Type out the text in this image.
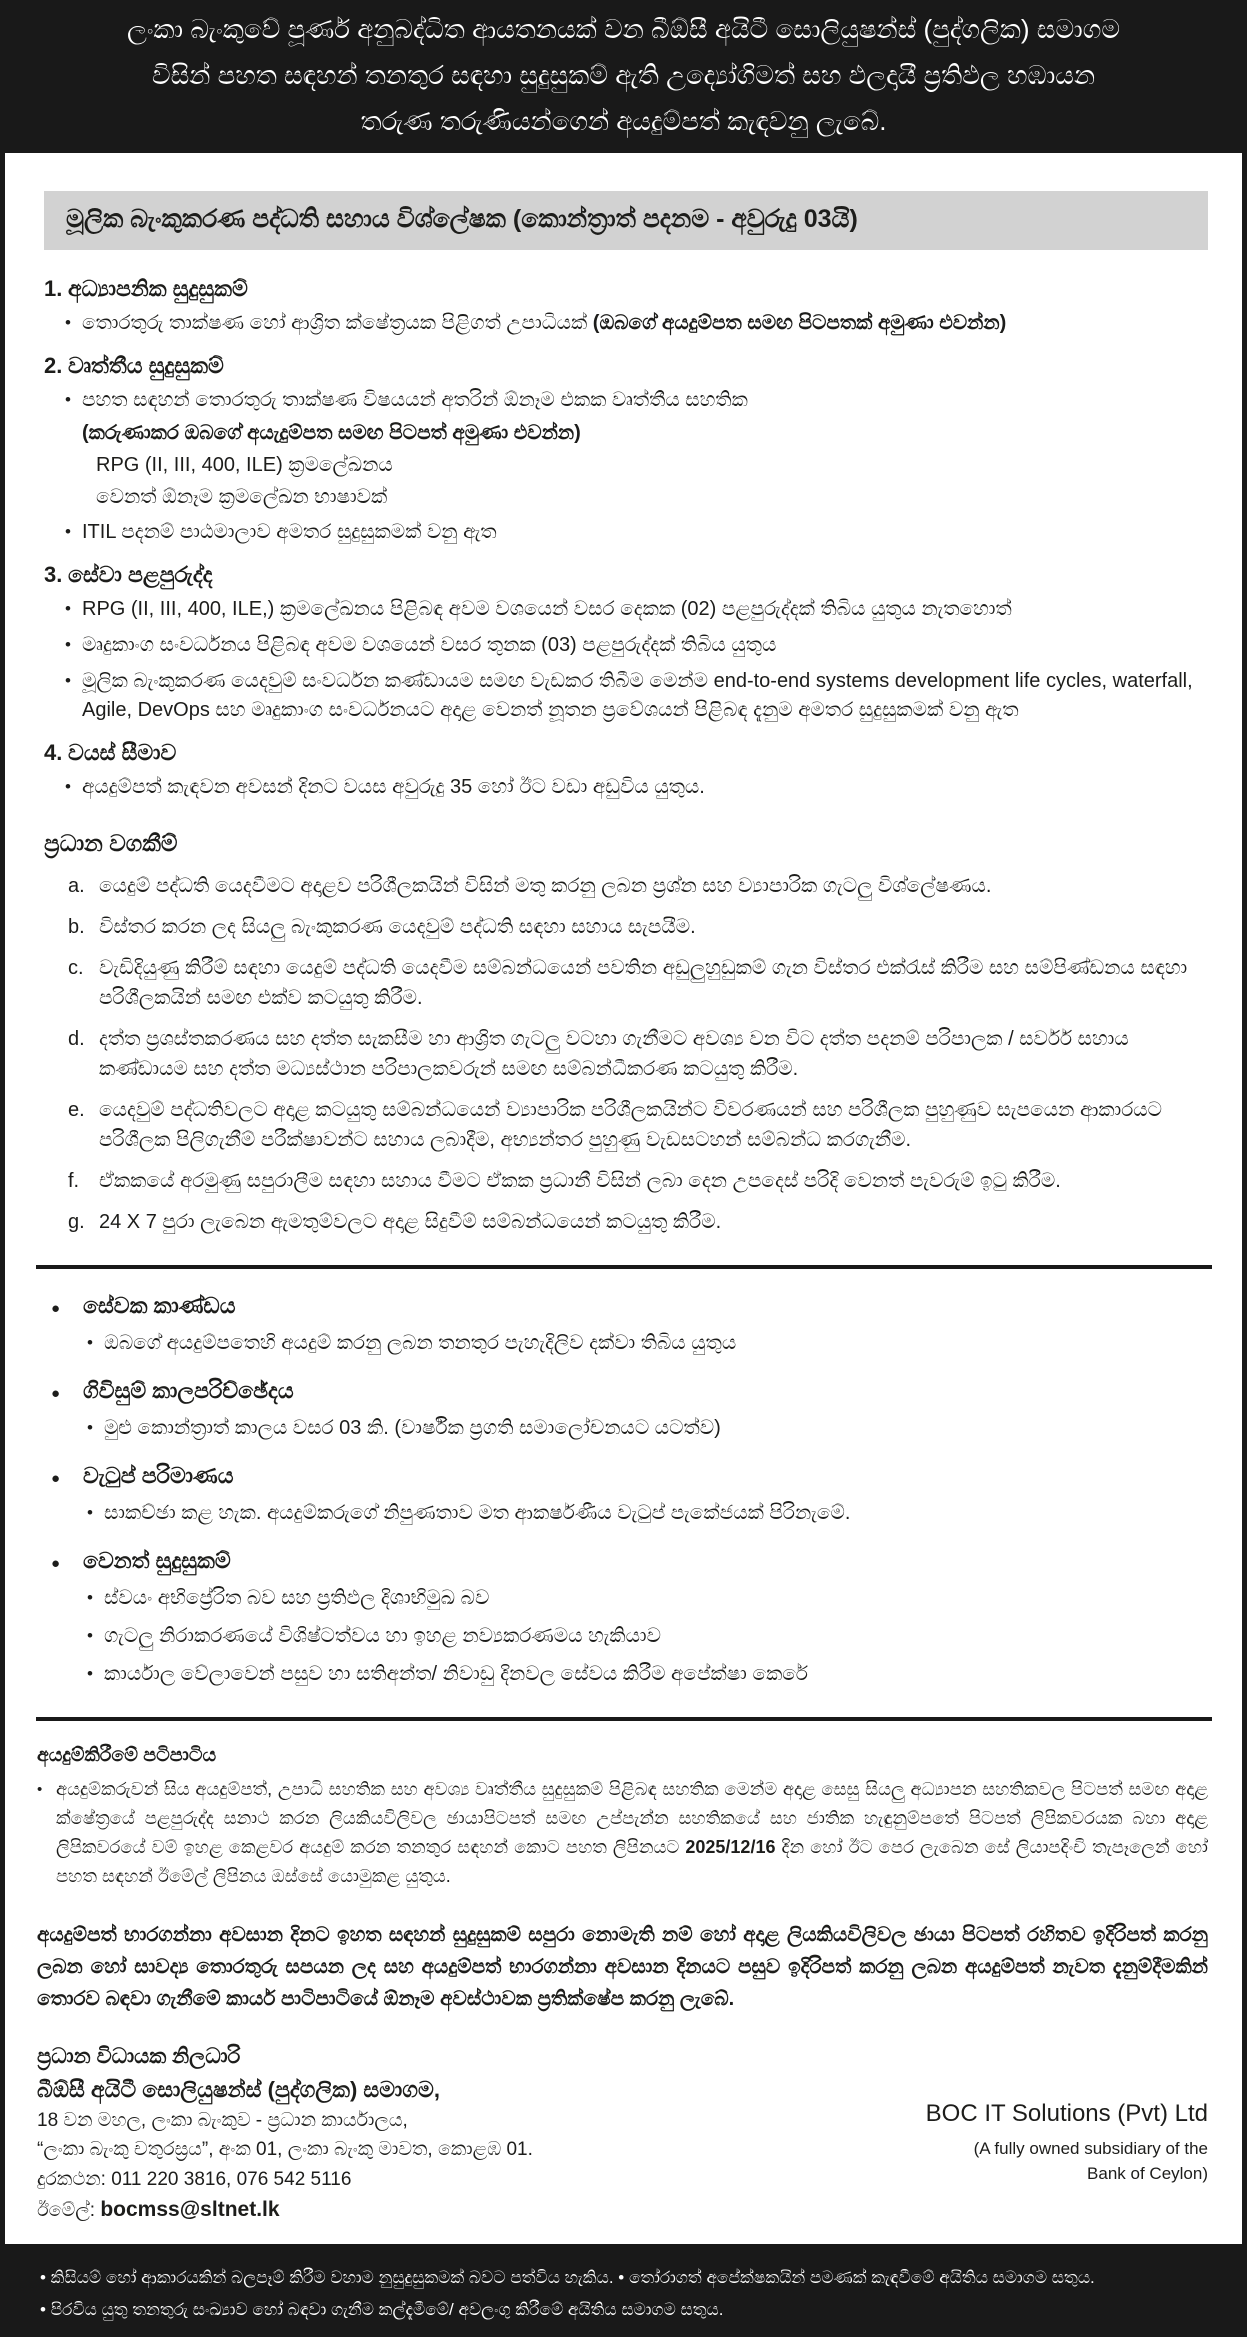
ලංකා බැංකුවේ පූර්ණ අනුබද්ධිත ආයතනයක් වන බීඕසී අයිටී සොලියුෂන්ස් (පුද්ගලික) සමාගම
විසින් පහත සඳහන් තනතුර සඳහා සුදුසුකම් ඇති උද්‍යෝගිමත් සහ ඵලදායී ප්‍රතිඵල හඹායන
තරුණ තරුණියන්ගෙන් අයදුම්පත් කැඳවනු ලැබේ.
මූලික බැංකුකරණ පද්ධති සහාය විශ්ලේෂක (කොන්ත්‍රාත් පදනම - අවුරුදු 03යි)
1. අධ්‍යාපනික සුදුසුකම්
• තොරතුරු තාක්ෂණ හෝ ආශ්‍රිත ක්ෂේත්‍රයක පිළිගත් උපාධියක් (ඔබගේ අයදුම්පත සමඟ පිටපතක් අමුණා එවන්න)
2. වෘත්තීය සුදුසුකම්
• පහත සඳහන් තොරතුරු තාක්ෂණ විෂයයන් අතරින් ඕනෑම එකක වෘත්තීය සහතික
(කරුණාකර ඔබගේ අයැදුම්පත සමඟ පිටපත් අමුණා එවන්න)
RPG (II, III, 400, ILE) ක්‍රමලේඛනය
වෙනත් ඕනෑම ක්‍රමලේඛන භාෂාවක්
• ITIL පදනම් පාඨමාලාව අමතර සුදුසුකමක් වනු ඇත
3. සේවා පළපුරුද්ද
• RPG (II, III, 400, ILE,) ක්‍රමලේඛනය පිළිබඳ අවම වශයෙන් වසර දෙකක (02) පළපුරුද්දක් තිබිය යුතුය නැතහොත්
• මෘදුකාංග සංවර්ධනය පිළිබඳ අවම වශයෙන් වසර තුනක (03) පළපුරුද්දක් තිබිය යුතුය
• මූලික බැංකුකරණ යෙදවුම් සංවර්ධන කණ්ඩායම සමඟ වැඩකර තිබීම මෙන්ම end-to-end systems development life cycles, waterfall, Agile, DevOps සහ මෘදුකාංග සංවර්ධනයට අදාළ වෙනත් නූතන ප්‍රවේශයන් පිළිබඳ දැනුම අමතර සුදුසුකමක් වනු ඇත
4. වයස් සීමාව
• අයදුම්පත් කැඳවන අවසන් දිනට වයස අවුරුදු 35 හෝ ඊට වඩා අඩුවිය යුතුය.
ප්‍රධාන වගකීම්
a. යෙදුම් පද්ධති යෙදවීමට අදාළව පරිශීලකයින් විසින් මතු කරනු ලබන ප්‍රශ්න සහ ව්‍යාපාරික ගැටලු විශ්ලේෂණය.
b. විස්තර කරන ලද සියලු බැංකුකරණ යෙදවුම් පද්ධති සඳහා සහාය සැපයීම.
c. වැඩිදියුණු කිරීම් සඳහා යෙදුම් පද්ධති යෙදවීම සම්බන්ධයෙන් පවතින අඩුලුහුඩුකම් ගැන විස්තර එක්රැස් කිරීම සහ සම්පිණ්ඩනය සඳහා පරිශීලකයින් සමඟ එක්ව කටයුතු කිරීම.
d. දත්ත ප්‍රශස්තකරණය සහ දත්ත සැකසීම හා ආශ්‍රිත ගැටලු වටහා ගැනීමට අවශ්‍ය වන විට දත්ත පදනම් පරිපාලක / සර්වර් සහාය කණ්ඩායම සහ දත්ත මධ්‍යස්ථාන පරිපාලකවරුන් සමඟ සම්බන්ධීකරණ කටයුතු කිරීම.
e. යෙදවුම් පද්ධතිවලට අදාළ කටයුතු සම්බන්ධයෙන් ව්‍යාපාරික පරිශීලකයින්ට විවරණයන් සහ පරිශීලක පුහුණුව සැපයෙන ආකාරයට පරිශීලක පිලිගැනීම් පරීක්ෂාවන්ට සහාය ලබාදීම, අභ්‍යන්තර පුහුණු වැඩසටහන් සම්බන්ධ කරගැනීම.
f. ඒකකයේ අරමුණු සපුරාලීම සඳහා සහාය වීමට ඒකක ප්‍රධානී විසින් ලබා දෙන උපදෙස් පරිදි වෙනත් පැවරුම් ඉටු කිරීම.
g. 24 X 7 පුරා ලැබෙන ඇමතුම්වලට අදාළ සිදුවීම් සම්බන්ධයෙන් කටයුතු කිරීම.
●	සේවක කාණ්ඩය
• ඔබගේ අයදුම්පතෙහි අයදුම් කරනු ලබන තනතුර පැහැදිලිව දක්වා තිබිය යුතුය
●	ගිවිසුම් කාලපරිච්ඡේදය
• මුළු කොන්ත්‍රාත් කාලය වසර 03 කි. (වාර්ෂික ප්‍රගති සමාලෝචනයට යටත්ව)
●	වැටුප් පරිමාණය
• සාකච්ඡා කළ හැක. අයදුම්කරුගේ නිපුණතාව මත ආකර්ෂණීය වැටුප් පැකේජයක් පිරිනැමේ.
●	වෙනත් සුදුසුකම්
• ස්වයං අභිප්‍රේරිත බව සහ ප්‍රතිඵල දිශාභිමුඛ බව
• ගැටලු නිරාකරණයේ විශිෂ්ටත්වය හා ඉහළ නව්‍යකරණමය හැකියාව
• කාර්යාල වේලාවෙන් පසුව හා සතිඅන්ත/ නිවාඩු දිනවල සේවය කිරීම අපේක්ෂා කෙරේ
අයදුම්කිරීමේ පටිපාටිය
• අයදුම්කරුවන් සිය අයදුම්පත්, උපාධි සහතික සහ අවශ්‍ය වෘත්තීය සුදුසුකම් පිළිබඳ සහතික මෙන්ම අදාළ සෙසු සියලු අධ්‍යාපන සහතිකවල පිටපත් සමඟ අදාළ ක්ෂේත්‍රයේ පළපුරුද්ද සනාථ කරන ලියකියවිලිවල ඡායාපිටපත් සමඟ උප්පැන්න සහතිකයේ සහ ජාතික හැඳුනුම්පතේ පිටපත් ලිපිකවරයක බහා අදාළ ලිපිකවරයේ වම් ඉහළ කෙළවර අයදුම් කරන තනතුර සඳහන් කොට පහත ලිපිනයට 2025/12/16 දින හෝ ඊට පෙර ලැබෙන සේ ලියාපදිංචි තැපෑලෙන් හෝ පහත සඳහන් ඊමේල් ලිපිනය ඔස්සේ යොමුකළ යුතුය.

අයදුම්පත් භාරගන්නා අවසාන දිනට ඉහත සඳහන් සුදුසුකම් සපුරා නොමැති නම් හෝ අදාළ ලියකියවිලිවල ඡායා පිටපත් රහිතව ඉදිරිපත් කරනු ලබන හෝ සාවද්‍ය තොරතුරු සපයන ලද සහ අයදුම්පත් භාරගන්නා අවසාන දිනයට පසුව ඉදිරිපත් කරනු ලබන අයදුම්පත් නැවත දැනුම්දීමකින් තොරව බඳවා ගැනීමේ කාර්ය පාටිපාටියේ ඕනෑම අවස්ථාවක ප්‍රතික්ෂේප කරනු ලැබේ.

ප්‍රධාන විධායක නිලධාරි
බීඕසී අයිටී සොලියුෂන්ස් (පුද්ගලික) සමාගම,
18 වන මහල, ලංකා බැංකුව - ප්‍රධාන කාර්යාලය,
“ලංකා බැංකු චතුරස්‍රය”, අංක 01, ලංකා බැංකු මාවත, කොළඹ 01.
දුරකථන: 011 220 3816, 076 542 5116
ඊමේල්: bocmss@sltnet.lk
BOC IT Solutions (Pvt) Ltd
(A fully owned subsidiary of the
Bank of Ceylon)
• කිසියම් හෝ ආකාරයකින් බලපෑම් කිරීම වහාම නුසුදුසුකමක් බවට පත්විය හැකිය. • තෝරාගත් අපේක්ෂකයින් පමණක් කැඳවීමේ අයිතිය සමාගම සතුය.
• පිරවිය යුතු තනතුරු සංඛ්‍යාව හෝ බඳවා ගැනීම කල්දැමීමේ/ අවලංගු කිරීමේ අයිතිය සමාගම සතුය.
